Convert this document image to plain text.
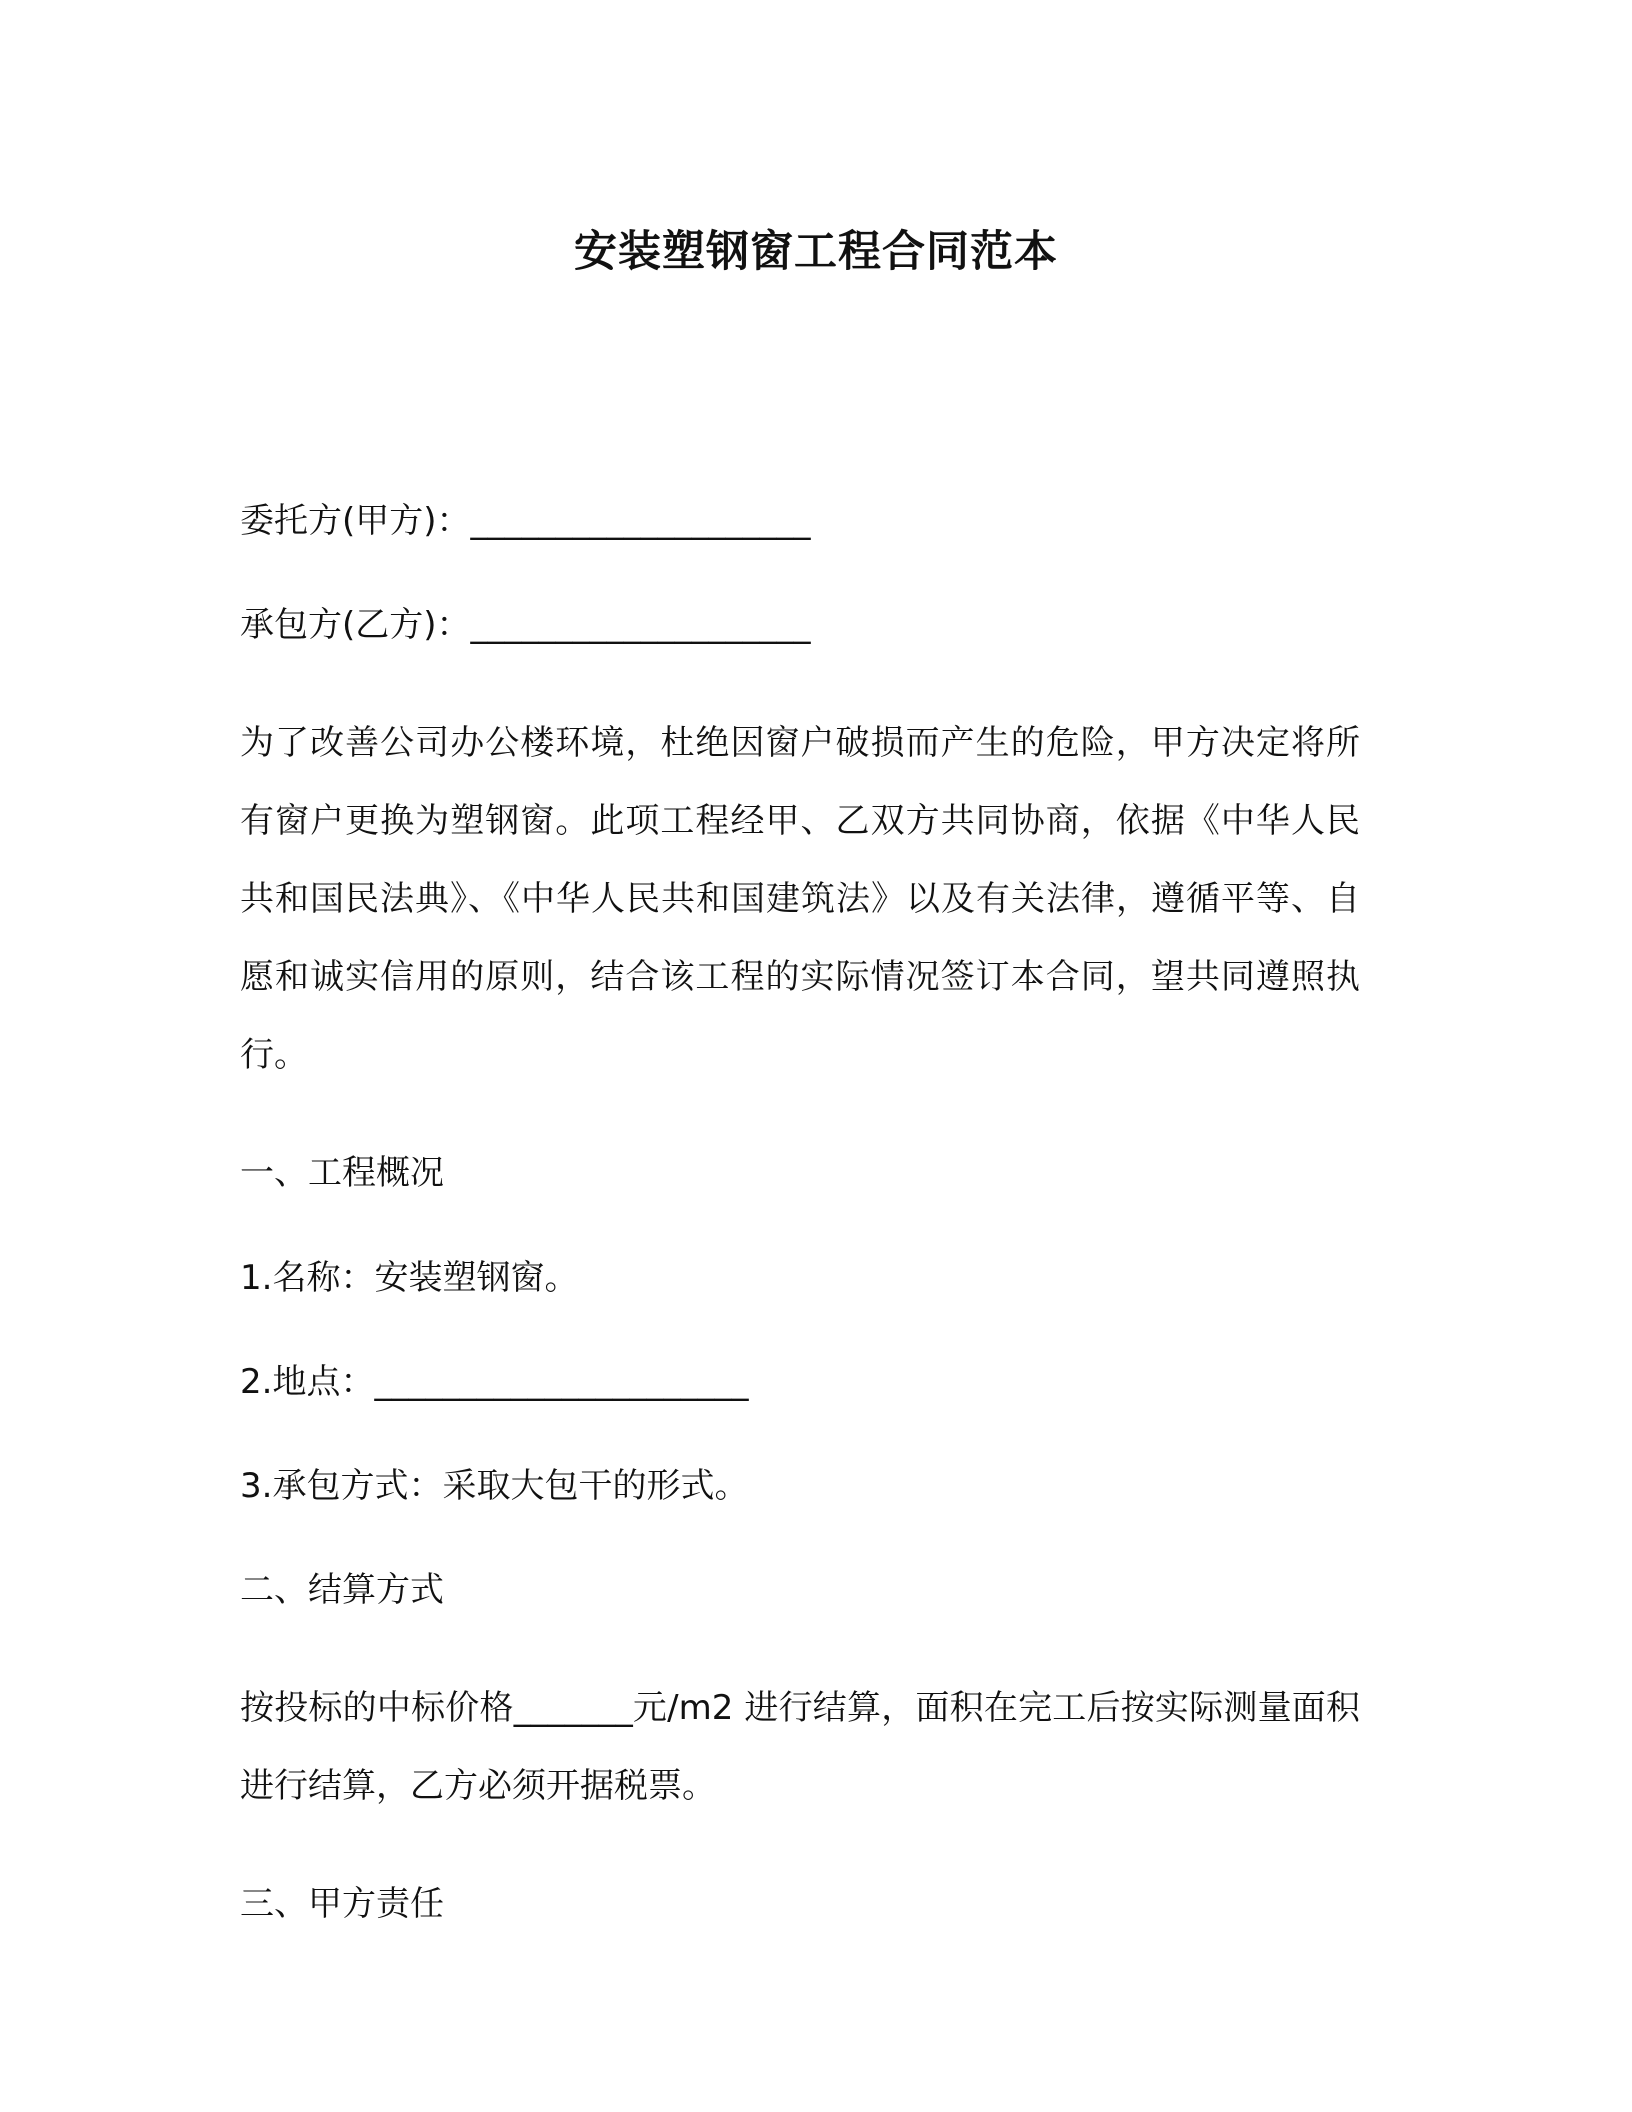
安装塑钢窗工程合同范本

委托方(甲方)：____________________

承包方(乙方)：____________________

为了改善公司办公楼环境，杜绝因窗户破损而产生的危险，甲方决定将所有窗户更换为塑钢窗。此项工程经甲、乙双方共同协商，依据《中华人民共和国民法典》、《中华人民共和国建筑法》以及有关法律，遵循平等、自愿和诚实信用的原则，结合该工程的实际情况签订本合同，望共同遵照执行。

一、工程概况

1.名称：安装塑钢窗。

2.地点：______________________

3.承包方式：采取大包干的形式。

二、结算方式

按投标的中标价格_______元/m2 进行结算，面积在完工后按实际测量面积进行结算，乙方必须开据税票。

三、甲方责任
